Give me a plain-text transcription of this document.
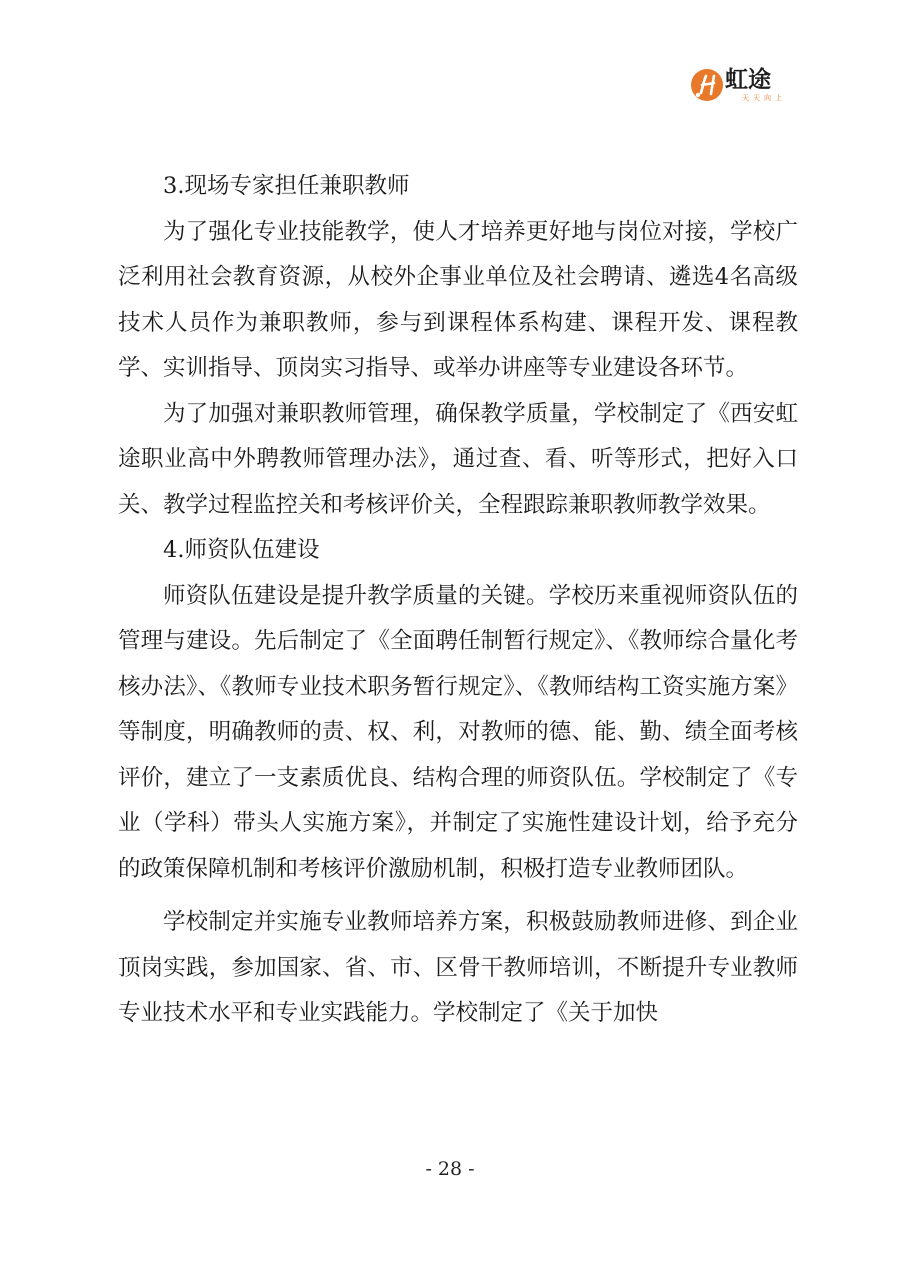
虹途
天天向上

3.现场专家担任兼职教师

为了强化专业技能教学，使人才培养更好地与岗位对接，学校广泛利用社会教育资源，从校外企事业单位及社会聘请、遴选4名高级技术人员作为兼职教师，参与到课程体系构建、课程开发、课程教学、实训指导、顶岗实习指导、或举办讲座等专业建设各环节。

为了加强对兼职教师管理，确保教学质量，学校制定了《西安虹途职业高中外聘教师管理办法》，通过查、看、听等形式，把好入口关、教学过程监控关和考核评价关，全程跟踪兼职教师教学效果。

4.师资队伍建设

师资队伍建设是提升教学质量的关键。学校历来重视师资队伍的管理与建设。先后制定了《全面聘任制暂行规定》、《教师综合量化考核办法》、《教师专业技术职务暂行规定》、《教师结构工资实施方案》等制度，明确教师的责、权、利，对教师的德、能、勤、绩全面考核评价，建立了一支素质优良、结构合理的师资队伍。学校制定了《专业（学科）带头人实施方案》，并制定了实施性建设计划，给予充分的政策保障机制和考核评价激励机制，积极打造专业教师团队。

学校制定并实施专业教师培养方案，积极鼓励教师进修、到企业顶岗实践，参加国家、省、市、区骨干教师培训，不断提升专业教师专业技术水平和专业实践能力。学校制定了《关于加快

- 28 -
